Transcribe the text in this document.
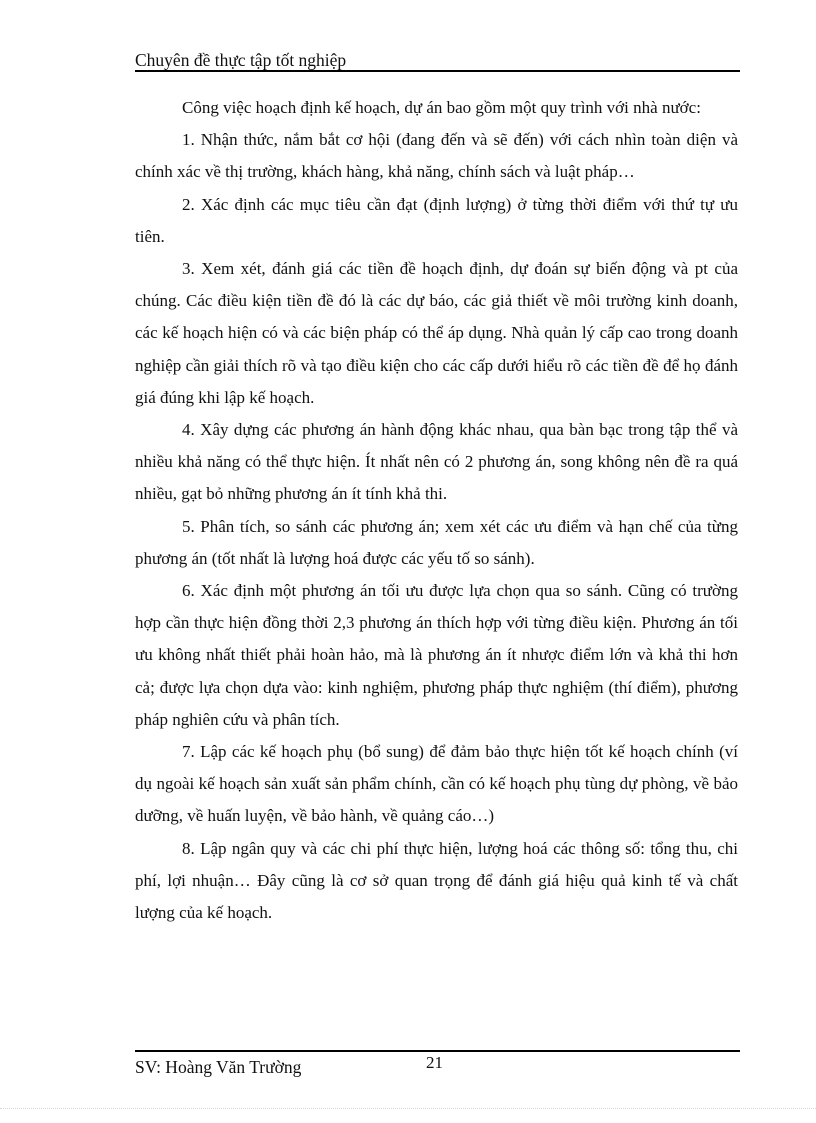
Chuyên đề thực tập tốt nghiệp

Công việc hoạch định kế hoạch, dự án bao gồm một quy trình với nhà nước:

1. Nhận thức, nắm bắt cơ hội (đang đến và sẽ đến) với cách nhìn toàn diện và chính xác về thị trường, khách hàng, khả năng, chính sách và luật pháp…

2. Xác định các mục tiêu cần đạt (định lượng) ở từng thời điểm với thứ tự ưu tiên.

3. Xem xét, đánh giá các tiền đề hoạch định, dự đoán sự biến động và pt của chúng. Các điều kiện tiền đề đó là các dự báo, các giả thiết về môi trường kinh doanh, các kế hoạch hiện có và các biện pháp có thể áp dụng. Nhà quản lý cấp cao trong doanh nghiệp cần giải thích rõ và tạo điều kiện cho các cấp dưới hiểu rõ các tiền đề để họ đánh giá đúng khi lập kế hoạch.

4. Xây dựng các phương án hành động khác nhau, qua bàn bạc trong tập thể và nhiều khả năng có thể thực hiện. Ít nhất nên có 2 phương án, song không nên đề ra quá nhiều, gạt bỏ những phương án ít tính khả thi.

5. Phân tích, so sánh các phương án; xem xét các ưu điểm và hạn chế của từng phương án (tốt nhất là lượng hoá được các yếu tố so sánh).

6. Xác định một phương án tối ưu được lựa chọn qua so sánh. Cũng có trường hợp cần thực hiện đồng thời 2,3 phương án thích hợp với từng điều kiện. Phương án tối ưu không nhất thiết phải hoàn hảo, mà là phương án ít nhược điểm lớn và khả thi hơn cả; được lựa chọn dựa vào: kinh nghiệm, phương pháp thực nghiệm (thí điểm), phương pháp nghiên cứu và phân tích.

7. Lập các kế hoạch phụ (bổ sung) để đảm bảo thực hiện tốt kế hoạch chính (ví dụ ngoài kế hoạch sản xuất sản phẩm chính, cần có kế hoạch phụ tùng dự phòng, về bảo dưỡng, về huấn luyện, về bảo hành, về quảng cáo…)

8. Lập ngân quy và các chi phí thực hiện, lượng hoá các thông số: tổng thu, chi phí, lợi nhuận… Đây cũng là cơ sở quan trọng để đánh giá hiệu quả kinh tế và chất lượng của kế hoạch.

SV: Hoàng Văn Trường	21
